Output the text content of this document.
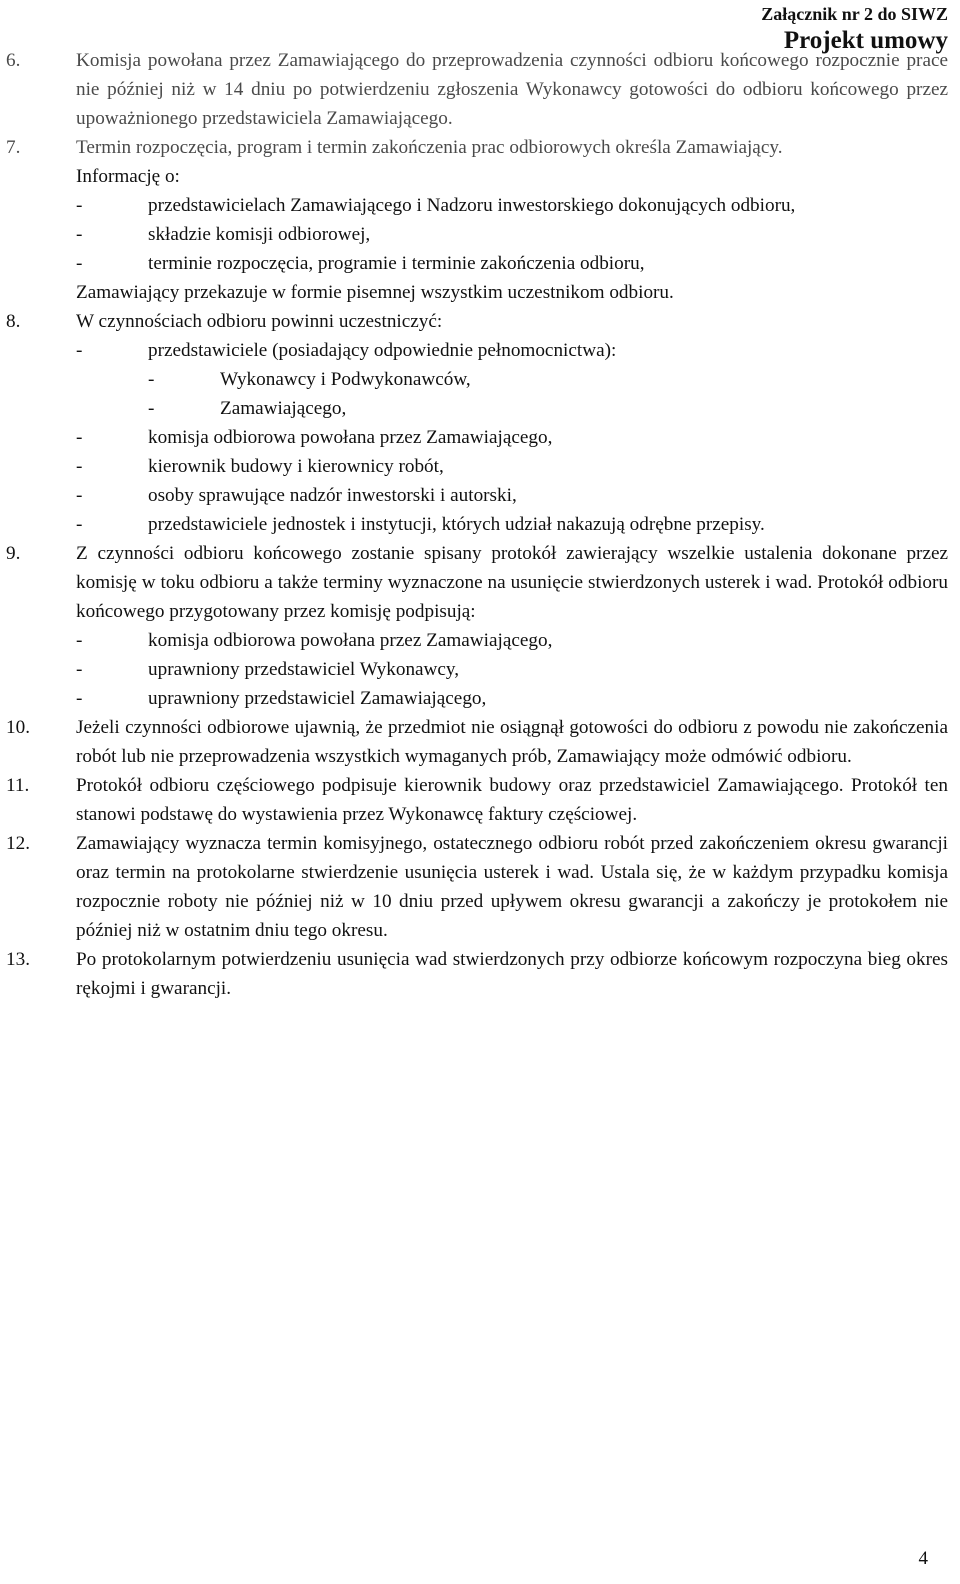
Załącznik nr 2 do SIWZ
Projekt umowy
6.	Komisja powołana przez Zamawiającego do przeprowadzenia czynności odbioru końcowego rozpocznie prace nie później niż w 14 dniu po potwierdzeniu zgłoszenia Wykonawcy gotowości do odbioru końcowego przez upoważnionego przedstawiciela Zamawiającego.

7.	Termin rozpoczęcia, program i termin zakończenia prac odbiorowych określa Zamawiający.

Informację o:

-	przedstawicielach Zamawiającego i Nadzoru inwestorskiego dokonujących odbioru,

-	składzie komisji odbiorowej,

-	terminie rozpoczęcia, programie i terminie zakończenia odbioru,

Zamawiający przekazuje w formie pisemnej wszystkim uczestnikom odbioru.

8.	W czynnościach odbioru powinni uczestniczyć:

-	przedstawiciele (posiadający odpowiednie pełnomocnictwa):

-	Wykonawcy i Podwykonawców,

-	Zamawiającego,

-	komisja odbiorowa powołana przez Zamawiającego,

-	kierownik budowy i kierownicy robót,

-	osoby sprawujące nadzór inwestorski i autorski,

-	przedstawiciele jednostek i instytucji, których udział nakazują odrębne przepisy.

9.	Z czynności odbioru końcowego zostanie spisany protokół zawierający wszelkie ustalenia dokonane przez komisję w toku odbioru a także terminy wyznaczone na usunięcie stwierdzonych usterek i wad. Protokół odbioru końcowego przygotowany przez komisję podpisują:

-	komisja odbiorowa powołana przez Zamawiającego,

-	uprawniony przedstawiciel Wykonawcy,

-	uprawniony przedstawiciel Zamawiającego,

10. Jeżeli czynności odbiorowe ujawnią, że przedmiot nie osiągnął gotowości do odbioru z powodu nie zakończenia robót lub nie przeprowadzenia wszystkich wymaganych prób, Zamawiający może odmówić odbioru.

11. Protokół odbioru częściowego podpisuje kierownik budowy oraz przedstawiciel Zamawiającego. Protokół ten stanowi podstawę do wystawienia przez Wykonawcę faktury częściowej.

12. Zamawiający wyznacza termin komisyjnego, ostatecznego odbioru robót przed zakończeniem okresu gwarancji oraz termin na protokolarne stwierdzenie usunięcia usterek i wad. Ustala się, że w każdym przypadku komisja rozpocznie roboty nie później niż w 10 dniu przed upływem okresu gwarancji a zakończy je protokołem nie później niż w ostatnim dniu tego okresu.

13. Po protokolarnym potwierdzeniu usunięcia wad stwierdzonych przy odbiorze końcowym rozpoczyna bieg okres rękojmi i gwarancji.

4
